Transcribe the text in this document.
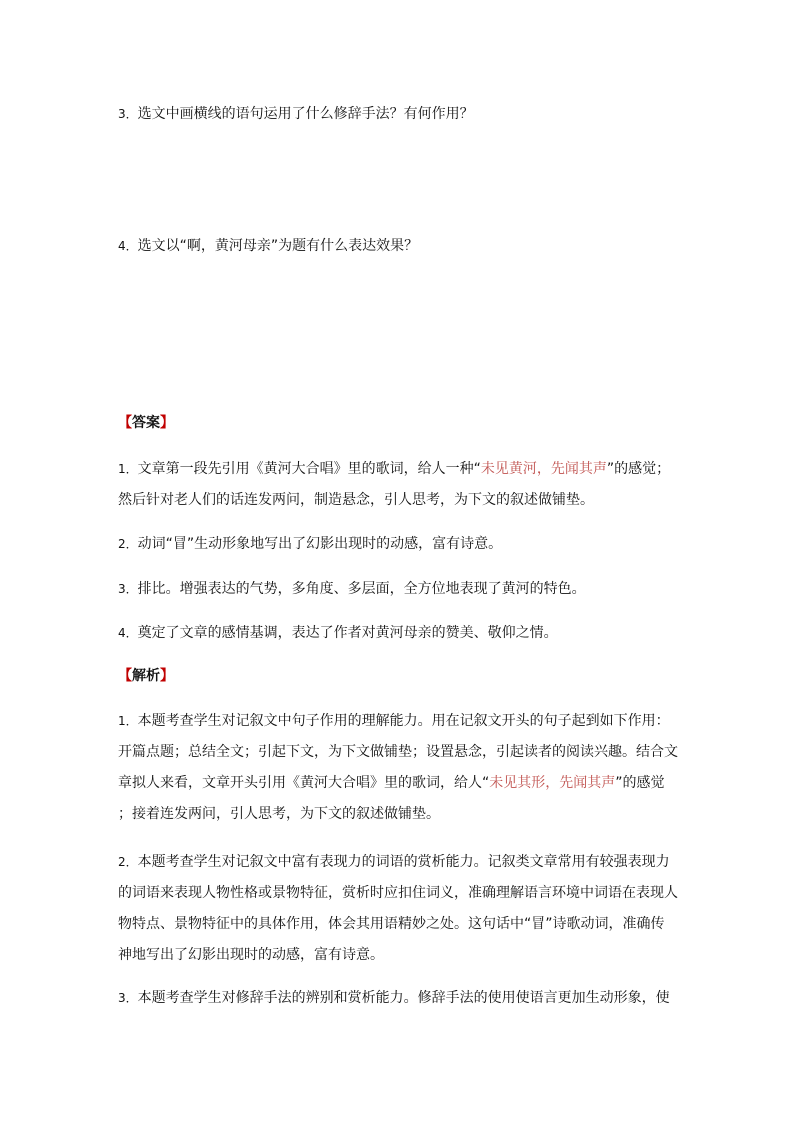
3．选文中画横线的语句运用了什么修辞手法？有何作用？
4．选文以“啊，黄河母亲”为题有什么表达效果？
【答案】
1．文章第一段先引用《黄河大合唱》里的歌词，给人一种“未见黄河，先闻其声”的感觉；
然后针对老人们的话连发两问，制造悬念，引人思考，为下文的叙述做铺垫。
2．动词“冒”生动形象地写出了幻影出现时的动感，富有诗意。
3．排比。增强表达的气势，多角度、多层面，全方位地表现了黄河的特色。
4．奠定了文章的感情基调，表达了作者对黄河母亲的赞美、敬仰之情。
【解析】
1．本题考查学生对记叙文中句子作用的理解能力。用在记叙文开头的句子起到如下作用：
开篇点题；总结全文；引起下文，为下文做铺垫；设置悬念，引起读者的阅读兴趣。结合文
章拟人来看，文章开头引用《黄河大合唱》里的歌词，给人“未见其形，先闻其声”的感觉
；接着连发两问，引人思考，为下文的叙述做铺垫。
2．本题考查学生对记叙文中富有表现力的词语的赏析能力。记叙类文章常用有较强表现力
的词语来表现人物性格或景物特征，赏析时应扣住词义，准确理解语言环境中词语在表现人
物特点、景物特征中的具体作用，体会其用语精妙之处。这句话中“冒”诗歌动词，准确传
神地写出了幻影出现时的动感，富有诗意。
3．本题考查学生对修辞手法的辨别和赏析能力。修辞手法的使用使语言更加生动形象，使
